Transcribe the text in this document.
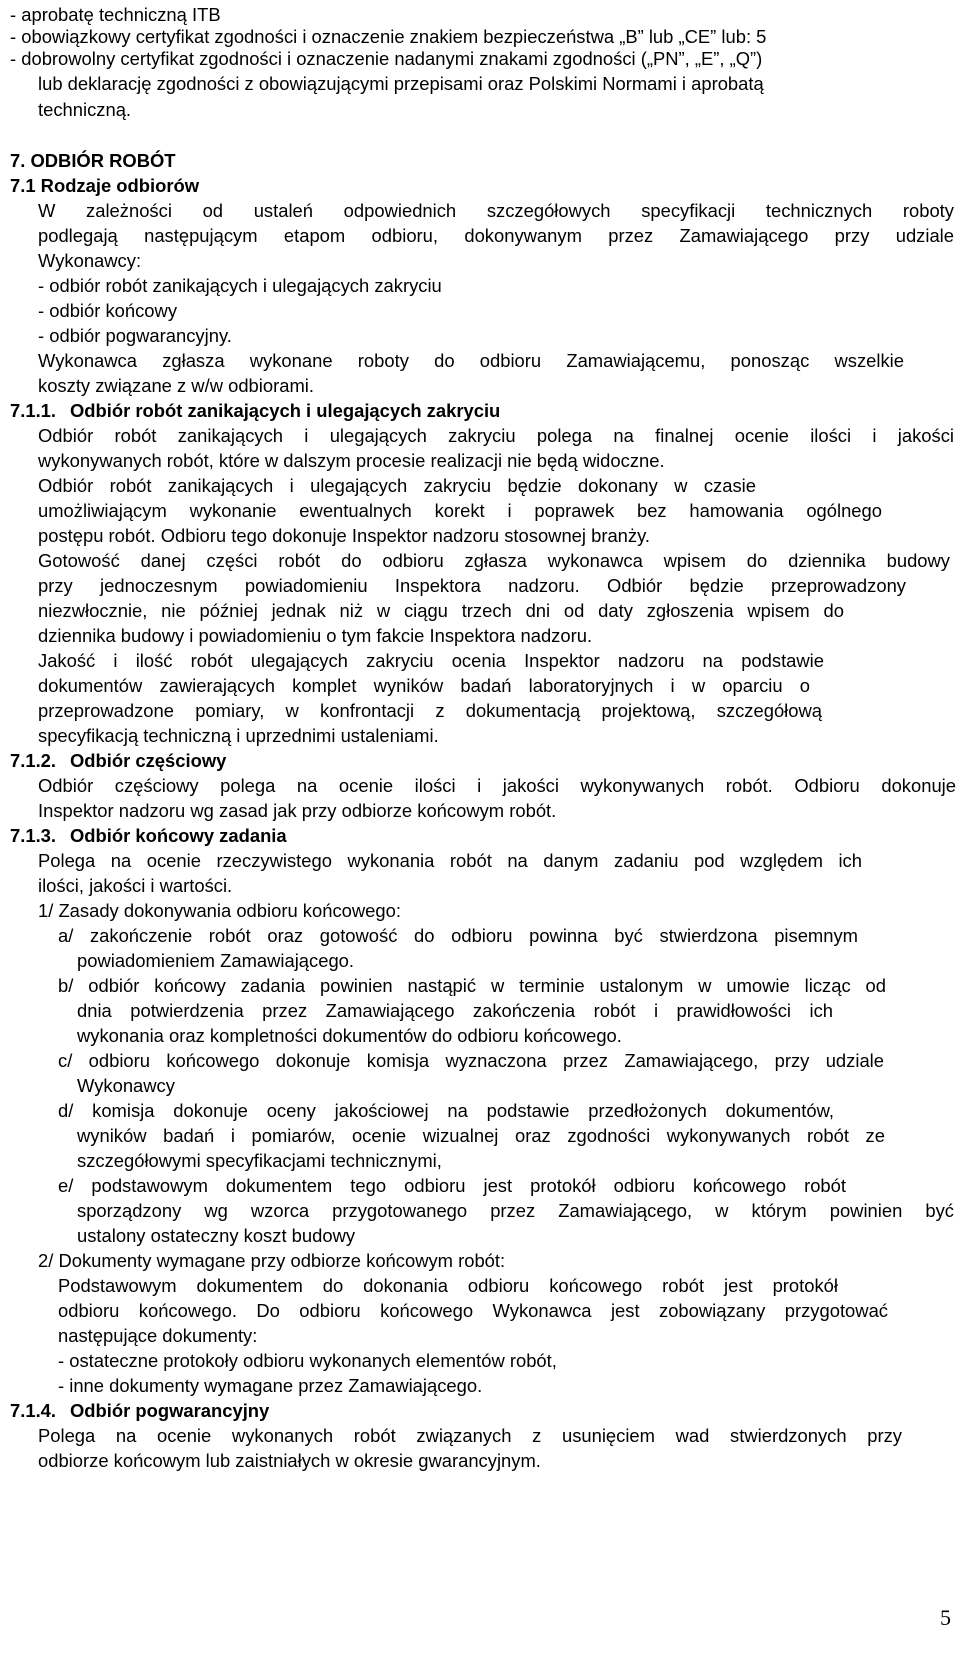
- aprobatę techniczną ITB
- obowiązkowy certyfikat zgodności i oznaczenie znakiem bezpieczeństwa „B” lub „CE” lub: 5
- dobrowolny certyfikat zgodności i oznaczenie nadanymi znakami zgodności („PN”, „E”, „Q”)
lub deklarację zgodności z obowiązującymi przepisami oraz Polskimi Normami i aprobatą
techniczną.
7. ODBIÓR ROBÓT
7.1 Rodzaje odbiorów
W zależności od ustaleń odpowiednich szczegółowych specyfikacji technicznych roboty
podlegają następującym etapom odbioru, dokonywanym przez Zamawiającego przy udziale
Wykonawcy:
- odbiór robót zanikających i ulegających zakryciu
- odbiór końcowy
- odbiór pogwarancyjny.
Wykonawca zgłasza wykonane roboty do odbioru Zamawiającemu, ponosząc wszelkie
koszty związane z w/w odbiorami.
7.1.1. Odbiór robót zanikających i ulegających zakryciu
Odbiór robót zanikających i ulegających zakryciu polega na finalnej ocenie ilości i jakości
wykonywanych robót, które w dalszym procesie realizacji nie będą widoczne.
Odbiór robót zanikających i ulegających zakryciu będzie dokonany w czasie
umożliwiającym wykonanie ewentualnych korekt i poprawek bez hamowania ogólnego
postępu robót. Odbioru tego dokonuje Inspektor nadzoru stosownej branży.
Gotowość danej części robót do odbioru zgłasza wykonawca wpisem do dziennika budowy
przy jednoczesnym powiadomieniu Inspektora nadzoru. Odbiór będzie przeprowadzony
niezwłocznie, nie później jednak niż w ciągu trzech dni od daty zgłoszenia wpisem do
dziennika budowy i powiadomieniu o tym fakcie Inspektora nadzoru.
Jakość i ilość robót ulegających zakryciu ocenia Inspektor nadzoru na podstawie
dokumentów zawierających komplet wyników badań laboratoryjnych i w oparciu o
przeprowadzone pomiary, w konfrontacji z dokumentacją projektową, szczegółową
specyfikacją techniczną i uprzednimi ustaleniami.
7.1.2. Odbiór częściowy
Odbiór częściowy polega na ocenie ilości i jakości wykonywanych robót. Odbioru dokonuje
Inspektor nadzoru wg zasad jak przy odbiorze końcowym robót.
7.1.3. Odbiór końcowy zadania
Polega na ocenie rzeczywistego wykonania robót na danym zadaniu pod względem ich
ilości, jakości i wartości.
1/ Zasady dokonywania odbioru końcowego:
a/ zakończenie robót oraz gotowość do odbioru powinna być stwierdzona pisemnym
powiadomieniem Zamawiającego.
b/ odbiór końcowy zadania powinien nastąpić w terminie ustalonym w umowie licząc od
dnia potwierdzenia przez Zamawiającego zakończenia robót i prawidłowości ich
wykonania oraz kompletności dokumentów do odbioru końcowego.
c/ odbioru końcowego dokonuje komisja wyznaczona przez Zamawiającego, przy udziale
Wykonawcy
d/ komisja dokonuje oceny jakościowej na podstawie przedłożonych dokumentów,
wyników badań i pomiarów, ocenie wizualnej oraz zgodności wykonywanych robót ze
szczegółowymi specyfikacjami technicznymi,
e/ podstawowym dokumentem tego odbioru jest protokół odbioru końcowego robót
sporządzony wg wzorca przygotowanego przez Zamawiającego, w którym powinien być
ustalony ostateczny koszt budowy
2/ Dokumenty wymagane przy odbiorze końcowym robót:
Podstawowym dokumentem do dokonania odbioru końcowego robót jest protokół
odbioru końcowego. Do odbioru końcowego Wykonawca jest zobowiązany przygotować
następujące dokumenty:
- ostateczne protokoły odbioru wykonanych elementów robót,
- inne dokumenty wymagane przez Zamawiającego.
7.1.4. Odbiór pogwarancyjny
Polega na ocenie wykonanych robót związanych z usunięciem wad stwierdzonych przy
odbiorze końcowym lub zaistniałych w okresie gwarancyjnym.
5
